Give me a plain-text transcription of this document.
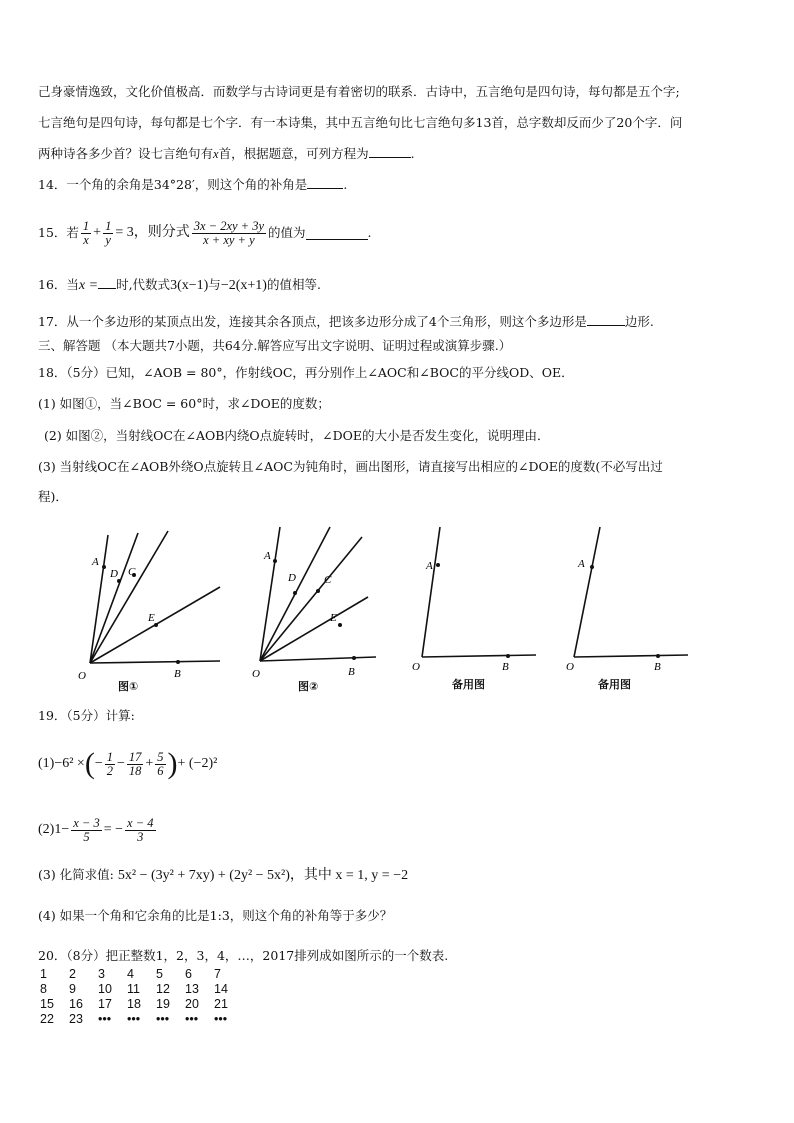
己身豪情逸致，文化价值极高．而数学与古诗词更是有着密切的联系．古诗中，五言绝句是四句诗，每句都是五个字;
七言绝句是四句诗，每句都是七个字．有一本诗集，其中五言绝句比七言绝句多13首，总字数却反而少了20个字．问
两种诗各多少首？设七言绝句有x首，根据题意，可列方程为	.
14．一个角的余角是34°28′，则这个角的补角是	.
15．若 $\frac{1}{x} + \frac{1}{y} = 3$，则分式 $\frac{3x - 2xy + 3y}{x + xy + y}$ 的值为	.
16．当x = 时,代数式3(x−1)与−2(x+1)的值相等.
17．从一个多边形的某顶点出发，连接其余各顶点，把该多边形分成了4个三角形，则这个多边形是	边形.
三、解答题 （本大题共7小题，共64分.解答应写出文字说明、证明过程或演算步骤.）
18．（5分）已知，∠AOB = 80°，作射线OC，再分别作上∠AOC和∠BOC的平分线OD、OE．
(1) 如图①，当∠BOC = 60°时，求∠DOE的度数；
(2) 如图②，当射线OC在∠AOB内绕O点旋转时，∠DOE的大小是否发生变化，说明理由．
(3) 当射线OC在∠AOB外绕O点旋转且∠AOC为钝角时，画出图形，请直接写出相应的∠DOE的度数(不必写出过
程)．
A
D C
E
B
O
图①
A
D	C
E
B
O
图②
A
B
O
备用图
A
B
O
备用图
19．（5分）计算:
(1)−6² × ( − $\frac{1}{2} - \frac{17}{18} + \frac{5}{6}$ ) + (−2)²
$(2)1- \frac{x - 3}{5}$ = − $\frac{x - 4}{3}$
(3) 化简求值: 5x² − (3y² + 7xy) + (2y² − 5x²)，其中 x = 1, y = −2
(4) 如果一个角和它余角的比是1:3，则这个角的补角等于多少？
20．（8分）把正整数1，2，3，4，…，2017排列成如图所示的一个数表.
1	2	3	4	5	6	7
8	9	10	11	12	13	14
15	16	17	18	19	20	21
22	23	•••	•••	•••	•••	•••
